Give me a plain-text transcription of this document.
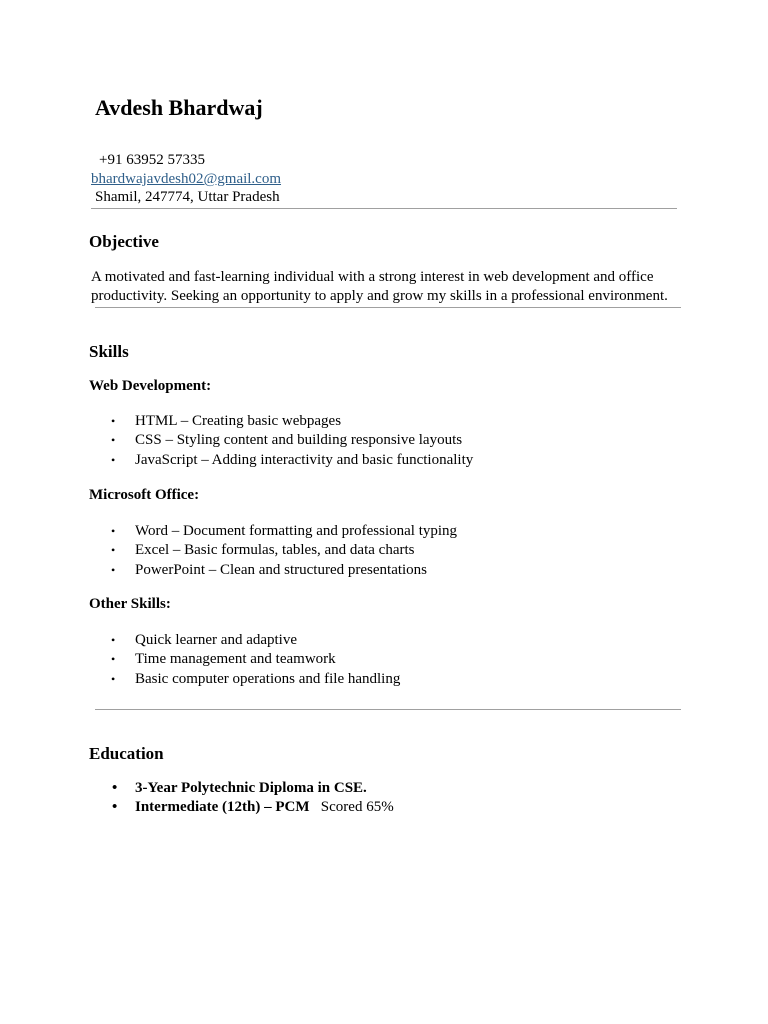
Avdesh Bhardwaj
+91 63952 57335
bhardwajavdesh02@gmail.com
Shamil, 247774, Uttar Pradesh
Objective
A motivated and fast-learning individual with a strong interest in web development and office
productivity. Seeking an opportunity to apply and grow my skills in a professional environment.
Skills
Web Development:
• HTML – Creating basic webpages
• CSS – Styling content and building responsive layouts
• JavaScript – Adding interactivity and basic functionality
Microsoft Office:
• Word – Document formatting and professional typing
• Excel – Basic formulas, tables, and data charts
• PowerPoint – Clean and structured presentations
Other Skills:
• Quick learner and adaptive
• Time management and teamwork
• Basic computer operations and file handling
Education
• 3-Year Polytechnic Diploma in CSE.
• Intermediate (12th) – PCM Scored 65%
